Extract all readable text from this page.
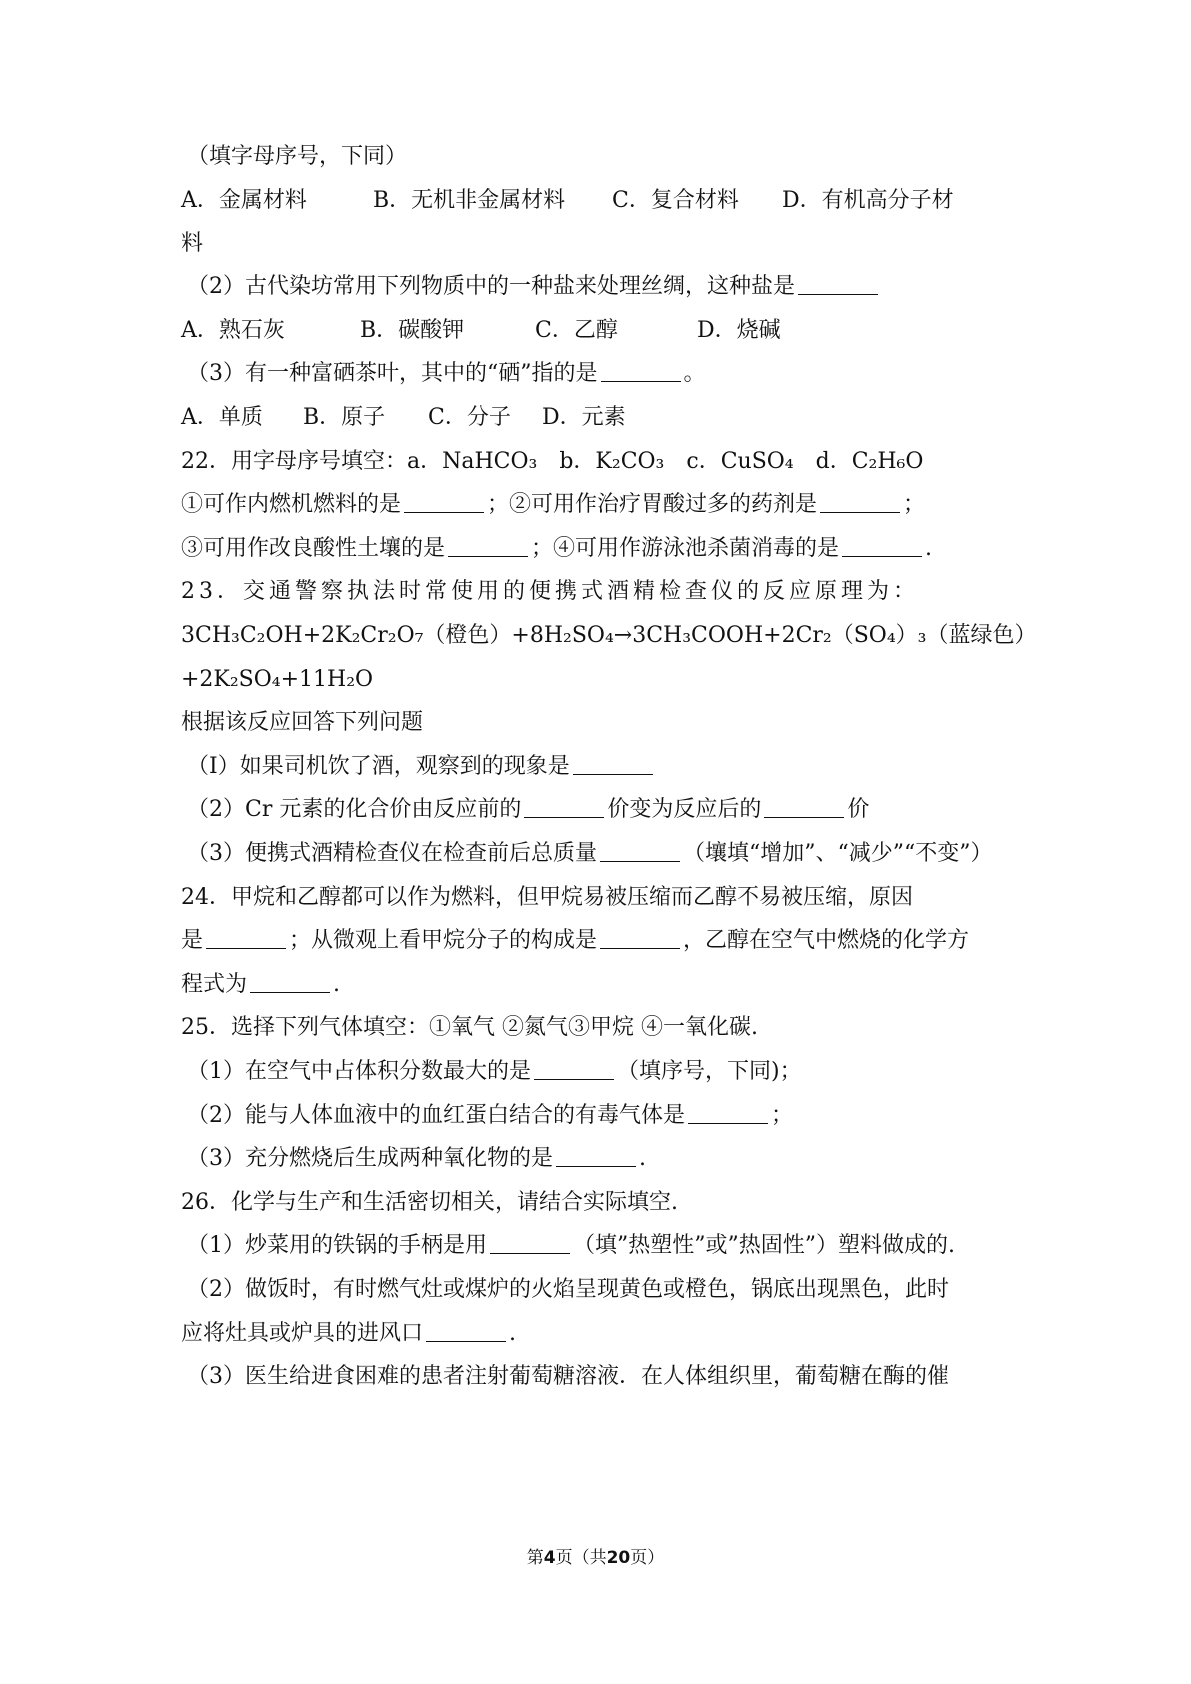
（填字母序号，下同）
A．金属材料	B．无机非金属材料 C．复合材料 D．有机高分子材
料
（2）古代染坊常用下列物质中的一种盐来处理丝绸，这种盐是
A．熟石灰	B．碳酸钾	C．乙醇	D．烧碱
（3）有一种富硒茶叶，其中的“硒”指的是	。
A．单质 B．原子 C．分子 D．元素
22．用字母序号填空：a．NaHCO₃　b．K₂CO₃　c．CuSO₄　d．C₂H₆O
①可作内燃机燃料的是	；②可用作治疗胃酸过多的药剂是	；
③可用作改良酸性土壤的是	；④可用作游泳池杀菌消毒的是	.
23．交通警察执法时常使用的便携式酒精检查仪的反应原理为：
3CH₃C₂OH+2K₂Cr₂O₇（橙色）+8H₂SO₄→3CH₃COOH+2Cr₂（SO₄）₃（蓝绿色）
+2K₂SO₄+11H₂O
根据该反应回答下列问题
（Ⅰ）如果司机饮了酒，观察到的现象是
（2）Cr 元素的化合价由反应前的	价变为反应后的	价
（3）便携式酒精检查仪在检查前后总质量	（壤填“增加”、“减少”“不变”）
24．甲烷和乙醇都可以作为燃料，但甲烷易被压缩而乙醇不易被压缩，原因
是	；从微观上看甲烷分子的构成是	，乙醇在空气中燃烧的化学方
程式为	.
25．选择下列气体填空：①氧气 ②氮气③甲烷 ④一氧化碳.
（1）在空气中占体积分数最大的是	（填序号，下同)；
（2）能与人体血液中的血红蛋白结合的有毒气体是	；
（3）充分燃烧后生成两种氧化物的是	.
26．化学与生产和生活密切相关，请结合实际填空.
（1）炒菜用的铁锅的手柄是用	（填”热塑性”或”热固性”）塑料做成的.
（2）做饭时，有时燃气灶或煤炉的火焰呈现黄色或橙色，锅底出现黑色，此时
应将灶具或炉具的进风口	.
（3）医生给进食困难的患者注射葡萄糖溶液．在人体组织里，葡萄糖在酶的催
第4页（共20页）
